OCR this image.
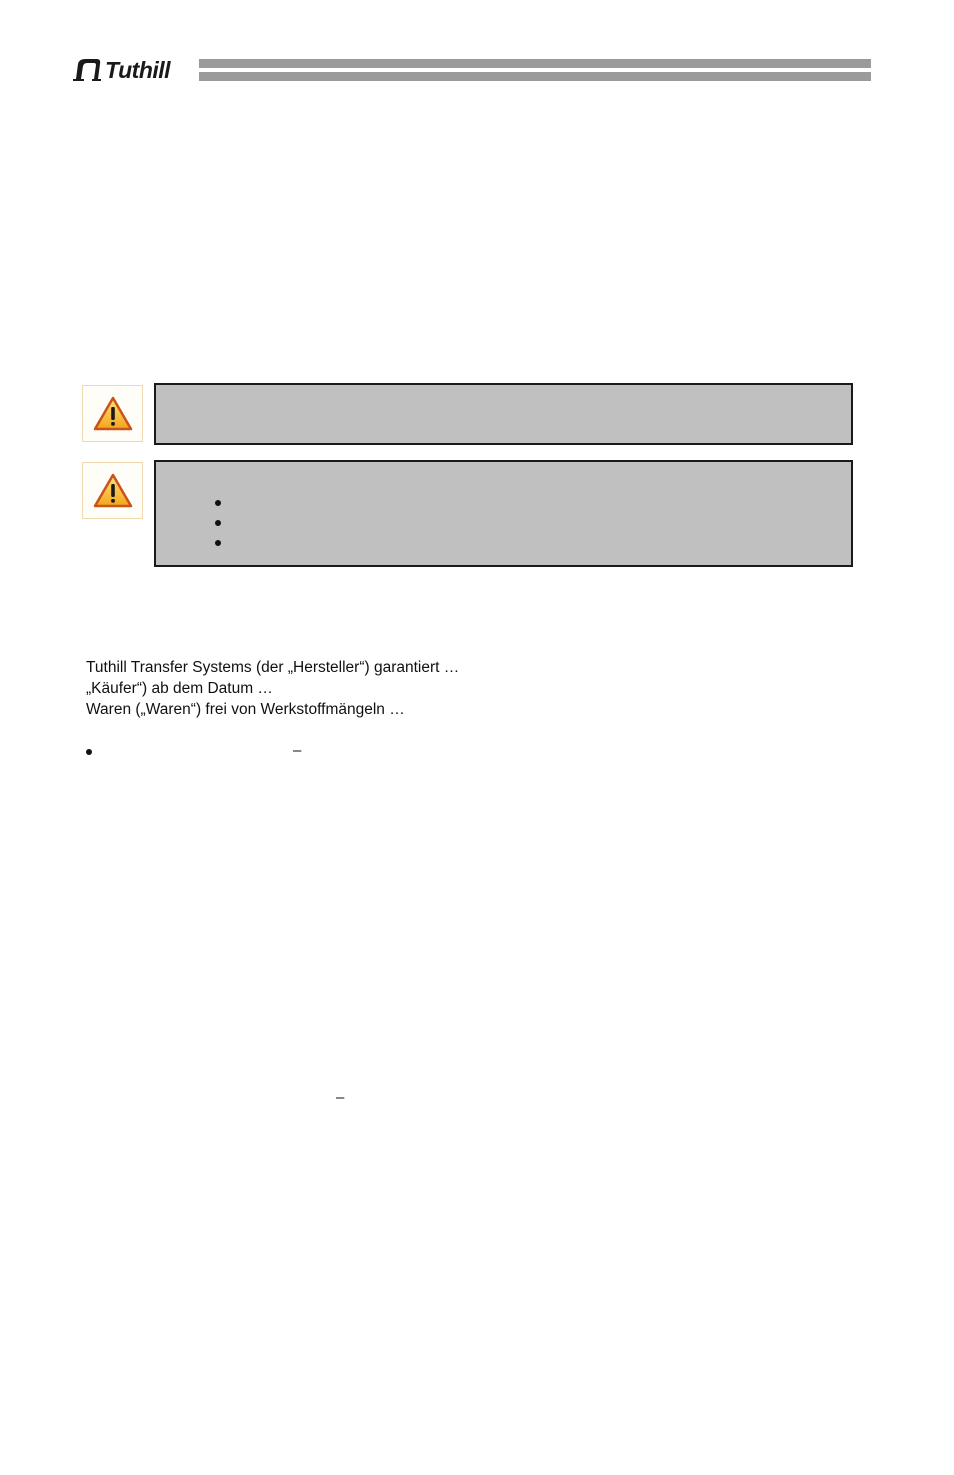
Tuthill

Tuthill Transfer Systems (der „Hersteller“) garantiert …

„Käufer“) ab dem Datum …

Waren („Waren“) frei von Werkstoffmängeln …

–
–
